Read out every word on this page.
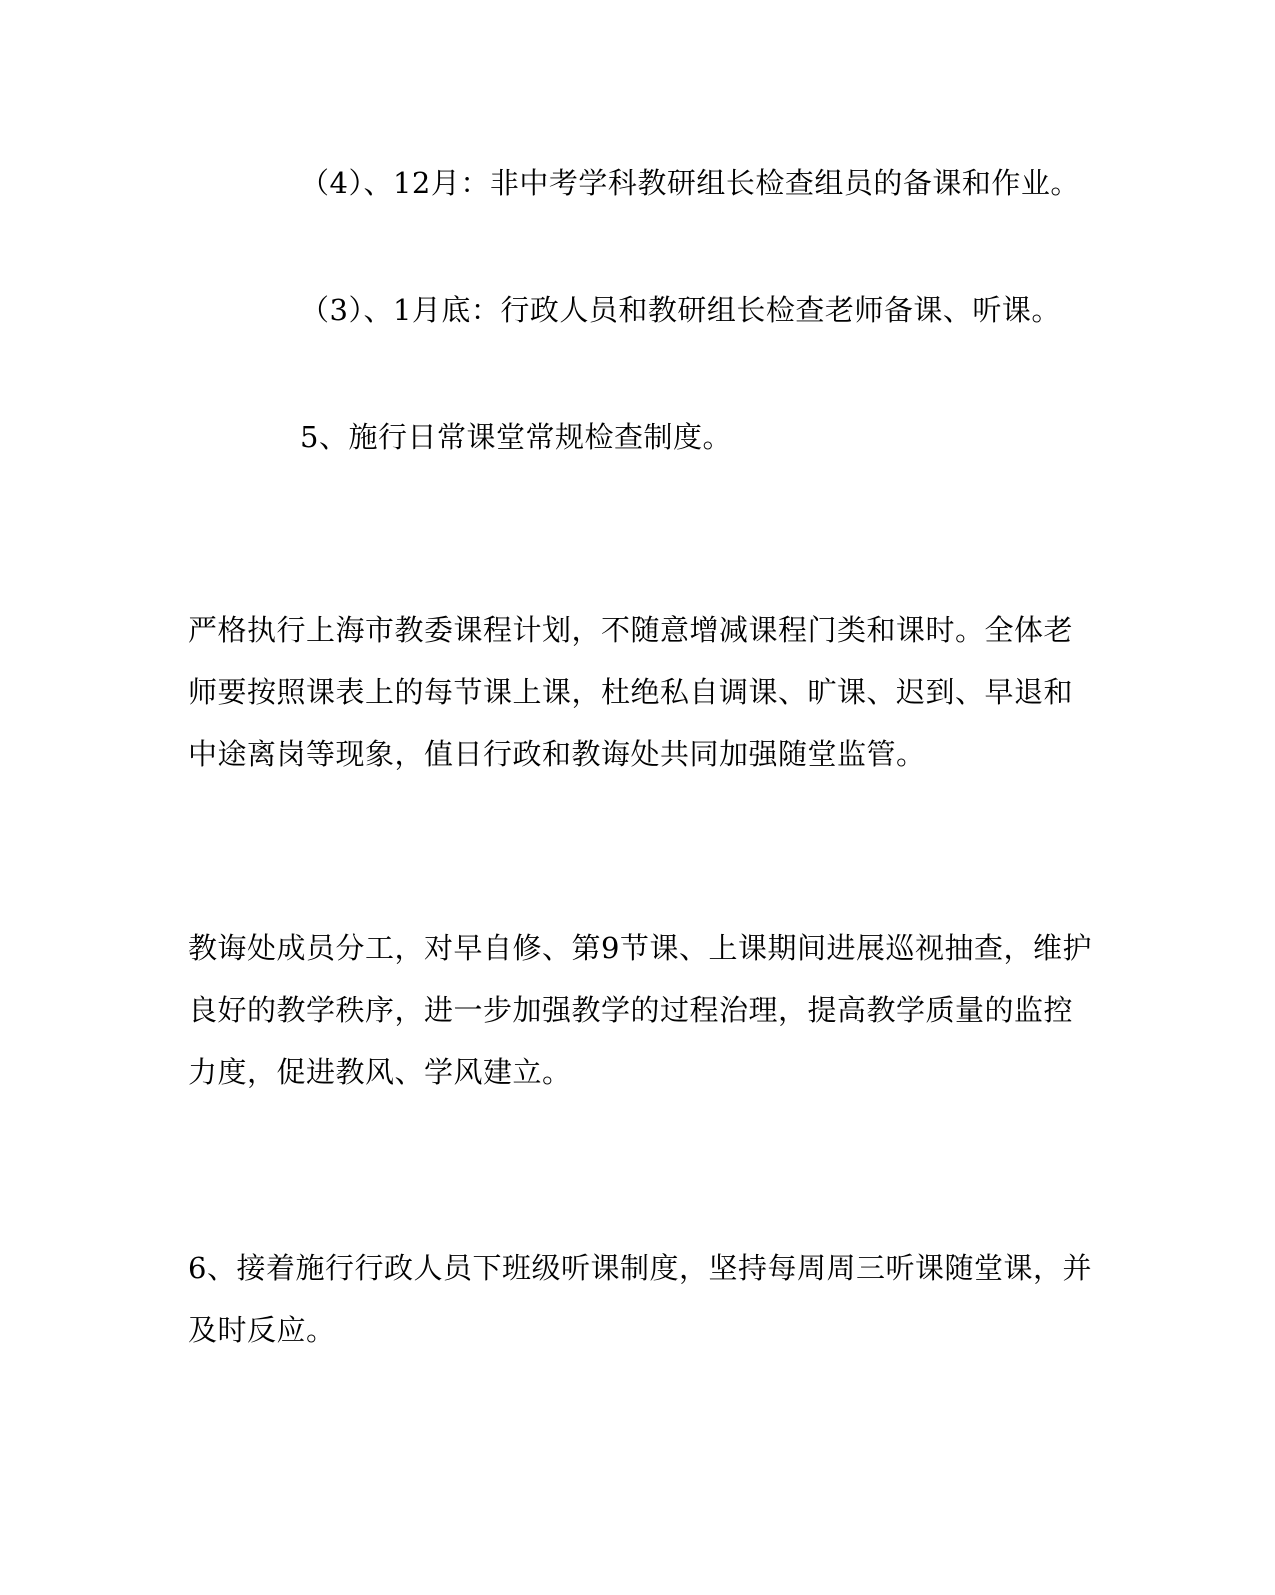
（4）、12月：非中考学科教研组长检查组员的备课和作业。
（3）、1月底：行政人员和教研组长检查老师备课、听课。
5、施行日常课堂常规检查制度。
严格执行上海市教委课程计划，不随意增减课程门类和课时。全体老
师要按照课表上的每节课上课，杜绝私自调课、旷课、迟到、早退和
中途离岗等现象，值日行政和教诲处共同加强随堂监管。
教诲处成员分工，对早自修、第9节课、上课期间进展巡视抽查，维护
良好的教学秩序，进一步加强教学的过程治理，提高教学质量的监控
力度，促进教风、学风建立。
6、接着施行行政人员下班级听课制度，坚持每周周三听课随堂课，并
及时反应。
